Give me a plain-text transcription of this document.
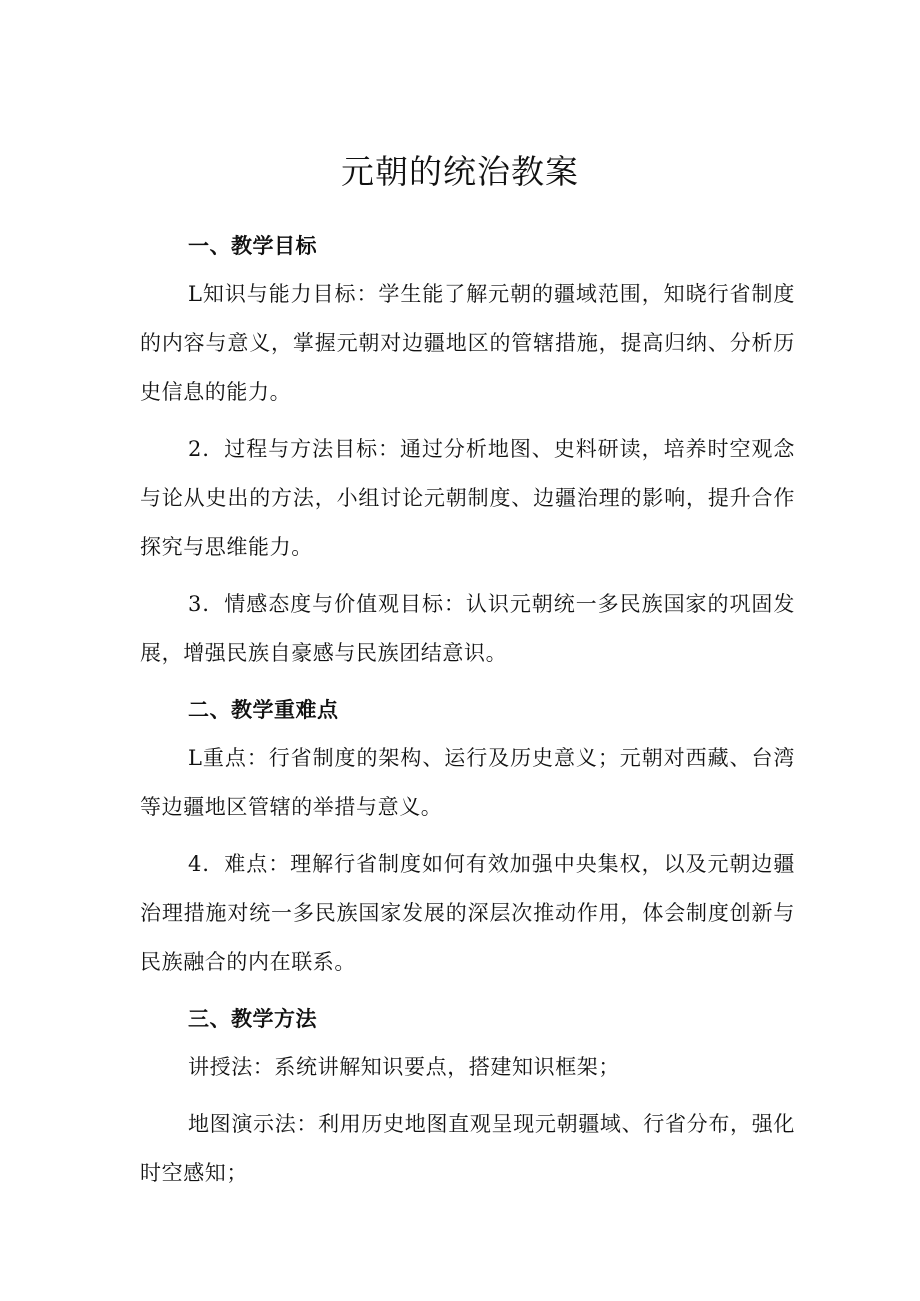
元朝的统治教案
一、教学目标

L知识与能力目标：学生能了解元朝的疆域范围，知晓行省制度的内容与意义，掌握元朝对边疆地区的管辖措施，提高归纳、分析历史信息的能力。

2．过程与方法目标：通过分析地图、史料研读，培养时空观念与论从史出的方法，小组讨论元朝制度、边疆治理的影响，提升合作探究与思维能力。

3．情感态度与价值观目标：认识元朝统一多民族国家的巩固发展，增强民族自豪感与民族团结意识。

二、教学重难点

L重点：行省制度的架构、运行及历史意义；元朝对西藏、台湾等边疆地区管辖的举措与意义。

4．难点：理解行省制度如何有效加强中央集权，以及元朝边疆治理措施对统一多民族国家发展的深层次推动作用，体会制度创新与民族融合的内在联系。

三、教学方法

讲授法：系统讲解知识要点，搭建知识框架；

地图演示法：利用历史地图直观呈现元朝疆域、行省分布，强化时空感知；
